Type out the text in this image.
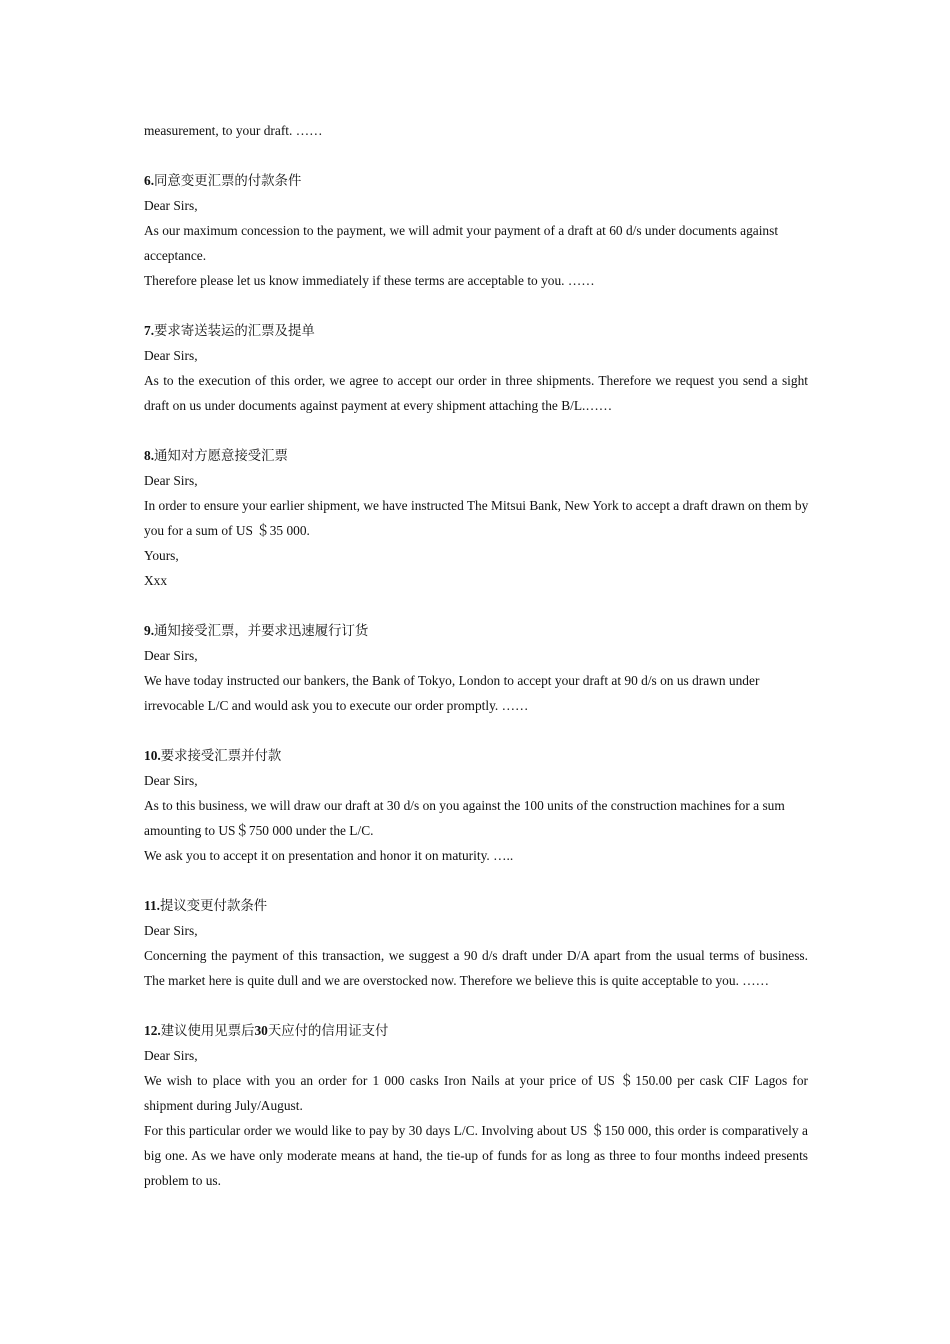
measurement, to your draft. ……
6.同意变更汇票的付款条件
Dear Sirs,
As our maximum concession to the payment, we will admit your payment of a draft at 60 d/s under documents against acceptance.
Therefore please let us know immediately if these terms are acceptable to you. ……
7.要求寄送装运的汇票及提单
Dear Sirs,
As to the execution of this order, we agree to accept our order in three shipments. Therefore we request you send a sight draft on us under documents against payment at every shipment attaching the B/L.……
8.通知对方愿意接受汇票
Dear Sirs,
In order to ensure your earlier shipment, we have instructed The Mitsui Bank, New York to accept a draft drawn on them by you for a sum of US ＄35 000.
Yours,
Xxx
9.通知接受汇票，并要求迅速履行订货
Dear Sirs,
We have today instructed our bankers, the Bank of Tokyo, London to accept your draft at 90 d/s on us drawn under irrevocable L/C and would ask you to execute our order promptly. ……
10.要求接受汇票并付款
Dear Sirs,
As to this business, we will draw our draft at 30 d/s on you against the 100 units of the construction machines for a sum amounting to US＄750 000 under the L/C.
We ask you to accept it on presentation and honor it on maturity. …..
11.提议变更付款条件
Dear Sirs,
Concerning the payment of this transaction, we suggest a 90 d/s draft under D/A apart from the usual terms of business. The market here is quite dull and we are overstocked now. Therefore we believe this is quite acceptable to you. ……
12.建议使用见票后30天应付的信用证支付
Dear Sirs,
We wish to place with you an order for 1 000 casks Iron Nails at your price of US ＄150.00 per cask CIF Lagos for shipment during July/August.
For this particular order we would like to pay by 30 days L/C. Involving about US ＄150 000, this order is comparatively a big one. As we have only moderate means at hand, the tie-up of funds for as long as three to four months indeed presents problem to us.
